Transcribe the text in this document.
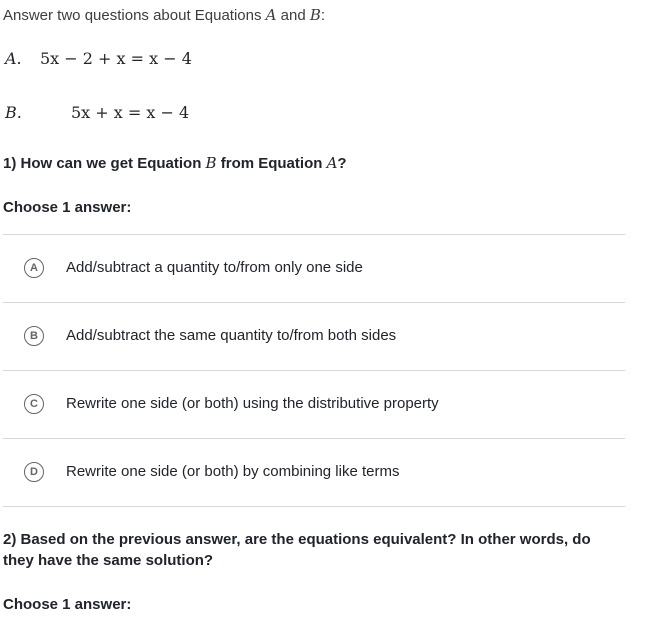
Answer two questions about Equations A and B:
A. 5x − 2 + x = x − 4
B.	5x + x = x − 4
1) How can we get Equation B from Equation A?
Choose 1 answer:
A	Add/subtract a quantity to/from only one side
B	Add/subtract the same quantity to/from both sides
C	Rewrite one side (or both) using the distributive property
D	Rewrite one side (or both) by combining like terms
2) Based on the previous answer, are the equations equivalent? In other words, do they have the same solution?
Choose 1 answer:
